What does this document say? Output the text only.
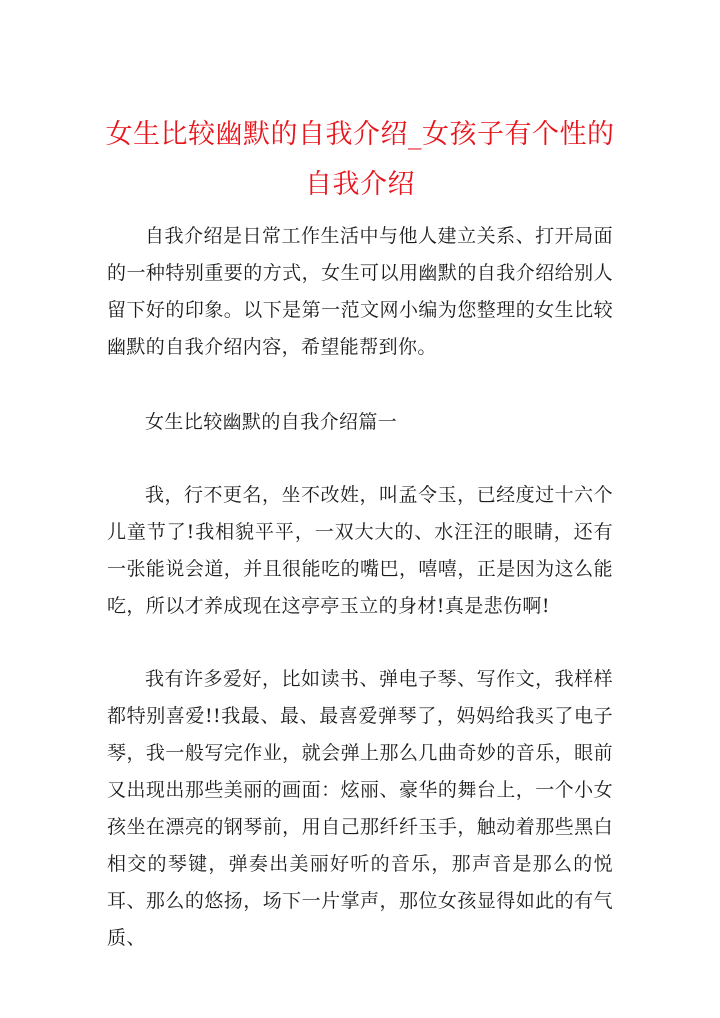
女生比较幽默的自我介绍_女孩子有个性的自我介绍

自我介绍是日常工作生活中与他人建立关系、打开局面的一种特别重要的方式，女生可以用幽默的自我介绍给别人留下好的印象。以下是第一范文网小编为您整理的女生比较幽默的自我介绍内容，希望能帮到你。

女生比较幽默的自我介绍篇一

我，行不更名，坐不改姓，叫孟令玉，已经度过十六个儿童节了!我相貌平平，一双大大的、水汪汪的眼睛，还有一张能说会道，并且很能吃的嘴巴，嘻嘻，正是因为这么能吃，所以才养成现在这亭亭玉立的身材!真是悲伤啊!

我有许多爱好，比如读书、弹电子琴、写作文，我样样都特别喜爱!!我最、最、最喜爱弹琴了，妈妈给我买了电子琴，我一般写完作业，就会弹上那么几曲奇妙的音乐，眼前又出现出那些美丽的画面：炫丽、豪华的舞台上，一个小女孩坐在漂亮的钢琴前，用自己那纤纤玉手，触动着那些黑白相交的琴键，弹奏出美丽好听的音乐，那声音是那么的悦耳、那么的悠扬，场下一片掌声，那位女孩显得如此的有气质、
